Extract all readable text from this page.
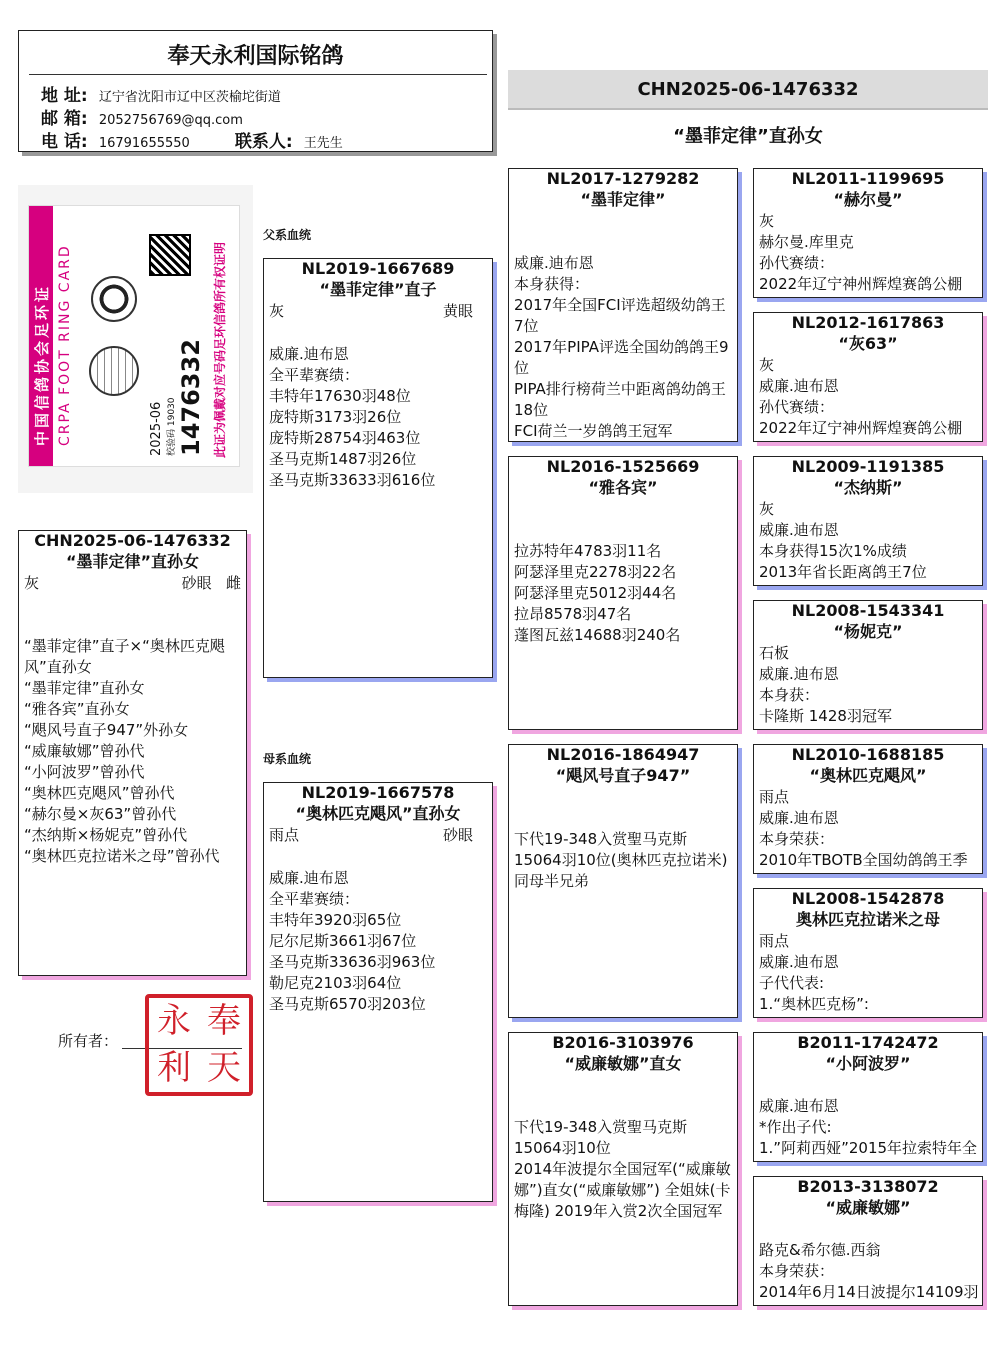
奉天永利国际铭鸽
地 址: 辽宁省沈阳市辽中区茨榆坨街道
邮 箱: 2052756769@qq.com
电 话: 16791655550	联系人: 王先生
CHN2025-06-1476332
“墨菲定律”直孙女
中国信鸽协会足环证 CRPA FOOT RING CARD	1476332
2025-06 校验码 19030	此证为佩戴对应号码足环信鸽所有权证明
父系血统
母系血统
CHN2025-06-1476332
“墨菲定律”直孙女
灰	砂眼 雌
“墨菲定律”直子×“奥林匹克飓风”直孙女
“墨菲定律”直孙女
“雅各宾”直孙女
“飓风号直子947”外孙女
“威廉敏娜”曾孙代
“小阿波罗”曾孙代
“奥林匹克飓风”曾孙代
“赫尔曼×灰63”曾孙代
“杰纳斯×杨妮克”曾孙代
“奥林匹克拉诺米之母”曾孙代
所有者： 永 奉
利 天
NL2019-1667689
“墨菲定律”直子
灰	黄眼
威廉.迪布恩
全平辈赛绩：
丰特年17630羽48位
庞特斯3173羽26位
庞特斯28754羽463位
圣马克斯1487羽26位
圣马克斯33633羽616位
NL2019-1667578
“奥林匹克飓风”直孙女
雨点	砂眼
威廉.迪布恩
全平辈赛绩：
丰特年3920羽65位
尼尔尼斯3661羽67位
圣马克斯33636羽963位
勒尼克2103羽64位
圣马克斯6570羽203位
NL2017-1279282
“墨菲定律”
威廉.迪布恩
本身获得：
2017年全国FCI评选超级幼鸽王7位
2017年PIPA评选全国幼鸽鸽王9位
PIPA排行榜荷兰中距离鸽幼鸽王18位
FCI荷兰一岁鸽鸽王冠军
NL2016-1525669
“雅各宾”
拉苏特年4783羽11名
阿瑟泽里克2278羽22名
阿瑟泽里克5012羽44名
拉昂8578羽47名
蓬图瓦兹14688羽240名
NL2016-1864947
“飓风号直子947”
下代19-348入赏聖马克斯15064羽10位(奥林匹克拉诺米)同母半兄弟
B2016-3103976
“威廉敏娜”直女
下代19-348入赏聖马克斯15064羽10位
2014年波提尔全国冠军(“威廉敏娜”)直女(“威廉敏娜”) 全姐妹(卡梅隆) 2019年入赏2次全国冠军
NL2011-1199695
“赫尔曼”
灰
赫尔曼.库里克
孙代赛绩：
2022年辽宁神州辉煌赛鸽公棚
NL2012-1617863
“灰63”
灰
威廉.迪布恩
孙代赛绩：
2022年辽宁神州辉煌赛鸽公棚
NL2009-1191385
“杰纳斯”
灰
威廉.迪布恩
本身获得15次1%成绩
2013年省长距离鸽王7位
NL2008-1543341
“杨妮克”
石板
威廉.迪布恩
本身获：
卡隆斯 1428羽冠军
NL2010-1688185
“奥林匹克飓风”
雨点
威廉.迪布恩
本身荣获：
2010年TBOTB全国幼鸽鸽王季
NL2008-1542878
奥林匹克拉诺米之母
雨点
威廉.迪布恩
子代代表:
1.“奥林匹克杨”:
B2011-1742472
“小阿波罗”
威廉.迪布恩
*作出子代:
1.”阿莉西娅”2015年拉索特年全
B2013-3138072
“威廉敏娜”
路克&希尔德.西翁
本身荣获：
2014年6月14日波提尔14109羽
